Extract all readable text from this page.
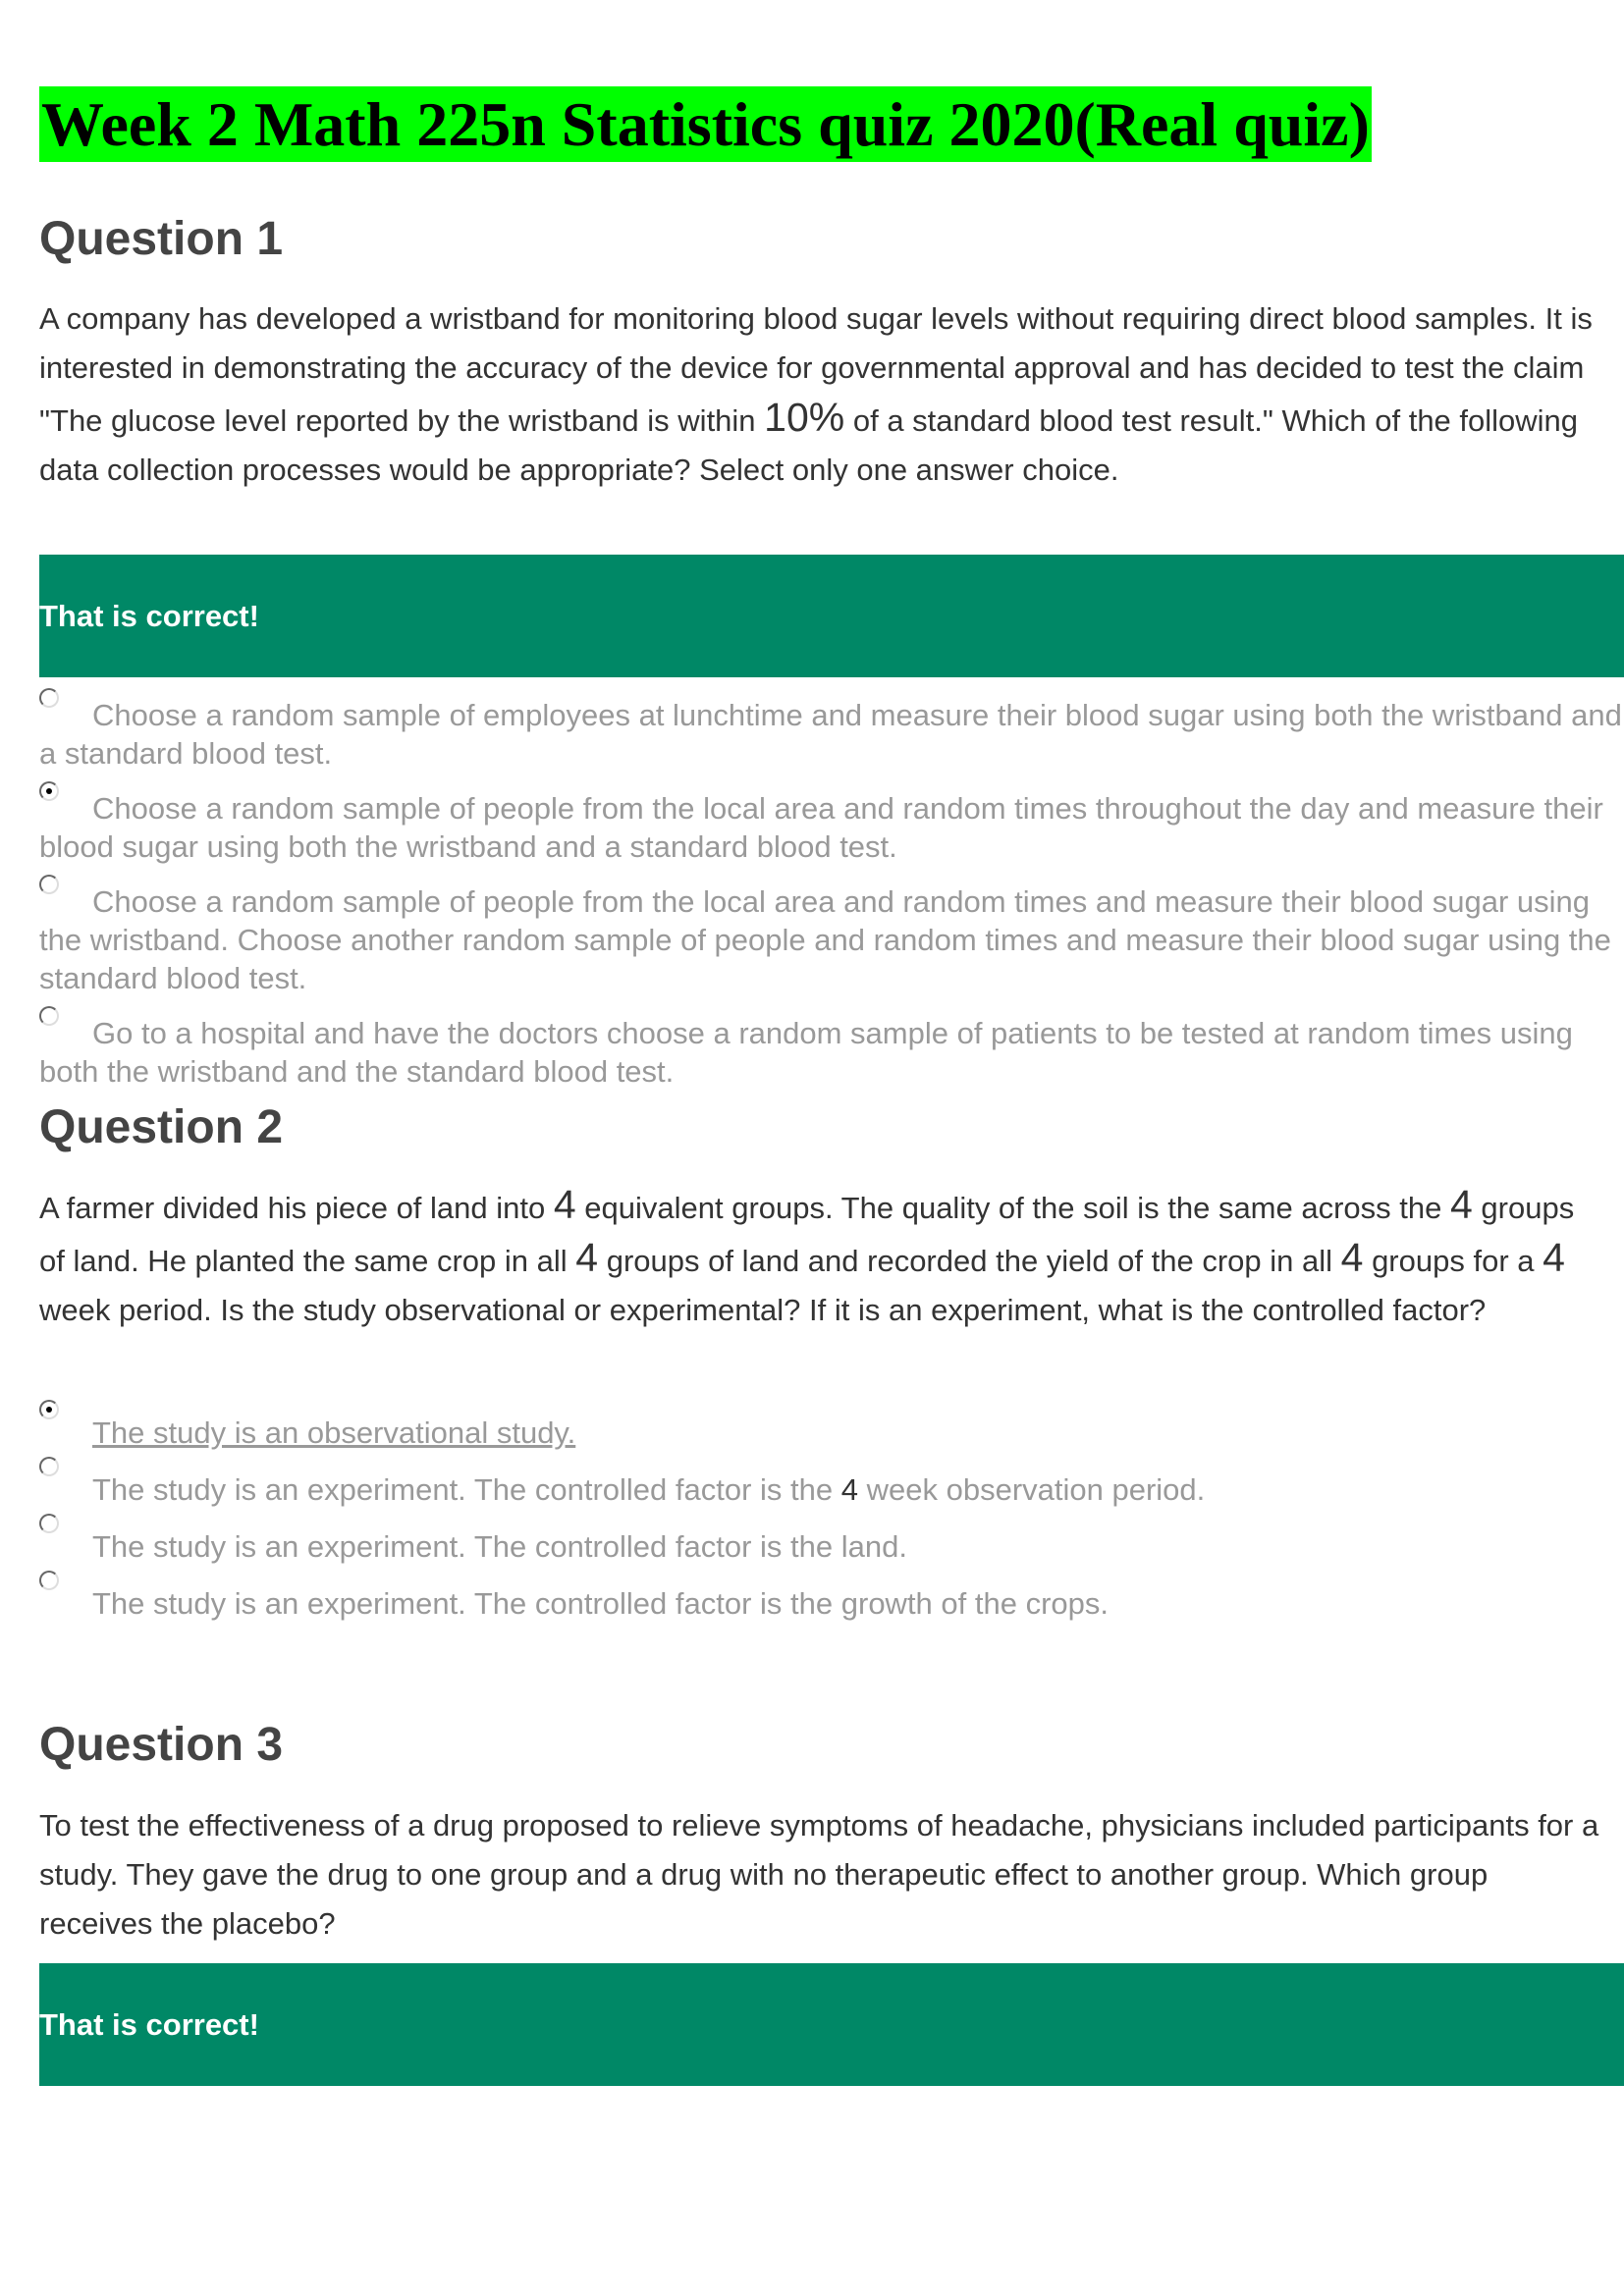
Week 2 Math 225n Statistics quiz 2020(Real quiz)
Question 1
A company has developed a wristband for monitoring blood sugar levels without requiring direct blood samples. It is interested in demonstrating the accuracy of the device for governmental approval and has decided to test the claim "The glucose level reported by the wristband is within 10% of a standard blood test result." Which of the following data collection processes would be appropriate? Select only one answer choice.
That is correct!
Choose a random sample of employees at lunchtime and measure their blood sugar using both the wristband and a standard blood test.
Choose a random sample of people from the local area and random times throughout the day and measure their blood sugar using both the wristband and a standard blood test.
Choose a random sample of people from the local area and random times and measure their blood sugar using the wristband. Choose another random sample of people and random times and measure their blood sugar using the standard blood test.
Go to a hospital and have the doctors choose a random sample of patients to be tested at random times using both the wristband and the standard blood test.
Question 2
A farmer divided his piece of land into 4 equivalent groups. The quality of the soil is the same across the 4 groups of land. He planted the same crop in all 4 groups of land and recorded the yield of the crop in all 4 groups for a 4 week period. Is the study observational or experimental? If it is an experiment, what is the controlled factor?
The study is an observational study.
The study is an experiment. The controlled factor is the 4 week observation period.
The study is an experiment. The controlled factor is the land.
The study is an experiment. The controlled factor is the growth of the crops.
Question 3
To test the effectiveness of a drug proposed to relieve symptoms of headache, physicians included participants for a study. They gave the drug to one group and a drug with no therapeutic effect to another group. Which group receives the placebo?
That is correct!
